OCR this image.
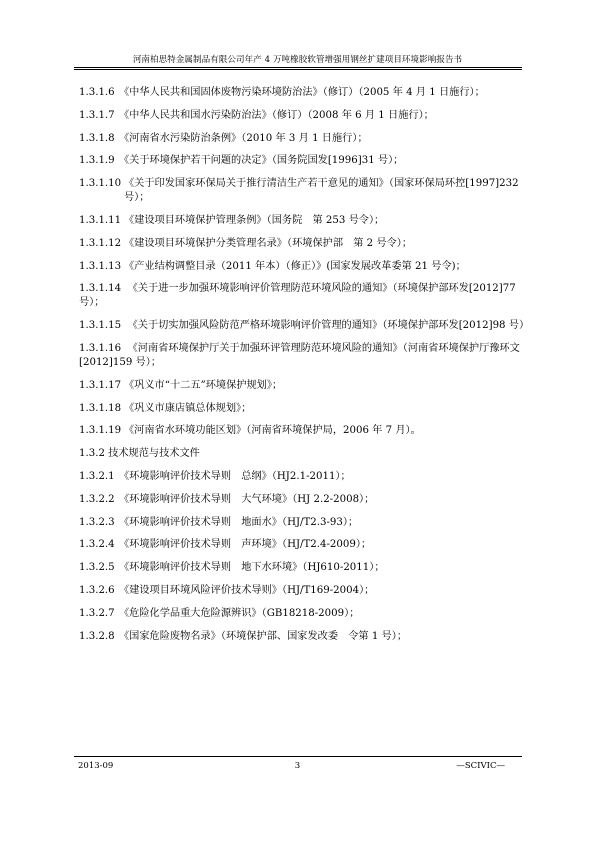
河南柏思特金属制品有限公司年产 4 万吨橡胶软管增强用钢丝扩建项目环境影响报告书
1.3.1.6 《中华人民共和国固体废物污染环境防治法》（修订）（2005 年 4 月 1 日施行）；
1.3.1.7 《中华人民共和国水污染防治法》（修订）（2008 年 6 月 1 日施行）；
1.3.1.8 《河南省水污染防治条例》（2010 年 3 月 1 日施行）；
1.3.1.9 《关于环境保护若干问题的决定》（国务院国发[1996]31 号）；
1.3.1.10 《关于印发国家环保局关于推行清洁生产若干意见的通知》（国家环保局环控[1997]232 号）；
1.3.1.11 《建设项目环境保护管理条例》（国务院　第 253 号令）；
1.3.1.12 《建设项目环境保护分类管理名录》（环境保护部　第 2 号令）；
1.3.1.13 《产业结构调整目录（2011 年本）（修正）》(国家发展改革委第 21 号令)；
1.3.1.14  《关于进一步加强环境影响评价管理防范环境风险的通知》（环境保护部环发[2012]77 号）；
1.3.1.15  《关于切实加强风险防范严格环境影响评价管理的通知》（环境保护部环发[2012]98 号）
1.3.1.16  《河南省环境保护厅关于加强环评管理防范环境风险的通知》（河南省环境保护厅豫环文[2012]159 号）；
1.3.1.17 《巩义市“十二五”环境保护规划》；
1.3.1.18 《巩义市康店镇总体规划》；
1.3.1.19 《河南省水环境功能区划》（河南省环境保护局，2006 年 7 月）。
1.3.2 技术规范与技术文件
1.3.2.1 《环境影响评价技术导则　总纲》（HJ2.1-2011）；
1.3.2.2 《环境影响评价技术导则　大气环境》（HJ 2.2-2008）；
1.3.2.3 《环境影响评价技术导则　地面水》（HJ/T2.3-93）；
1.3.2.4 《环境影响评价技术导则　声环境》（HJ/T2.4-2009）；
1.3.2.5 《环境影响评价技术导则　地下水环境》（HJ610-2011）；
1.3.2.6 《建设项目环境风险评价技术导则》（HJ/T169-2004）；
1.3.2.7 《危险化学品重大危险源辨识》（GB18218-2009）；
1.3.2.8 《国家危险废物名录》（环境保护部、国家发改委　令第 1 号）；
2013-09	3	—SCIVIC—
